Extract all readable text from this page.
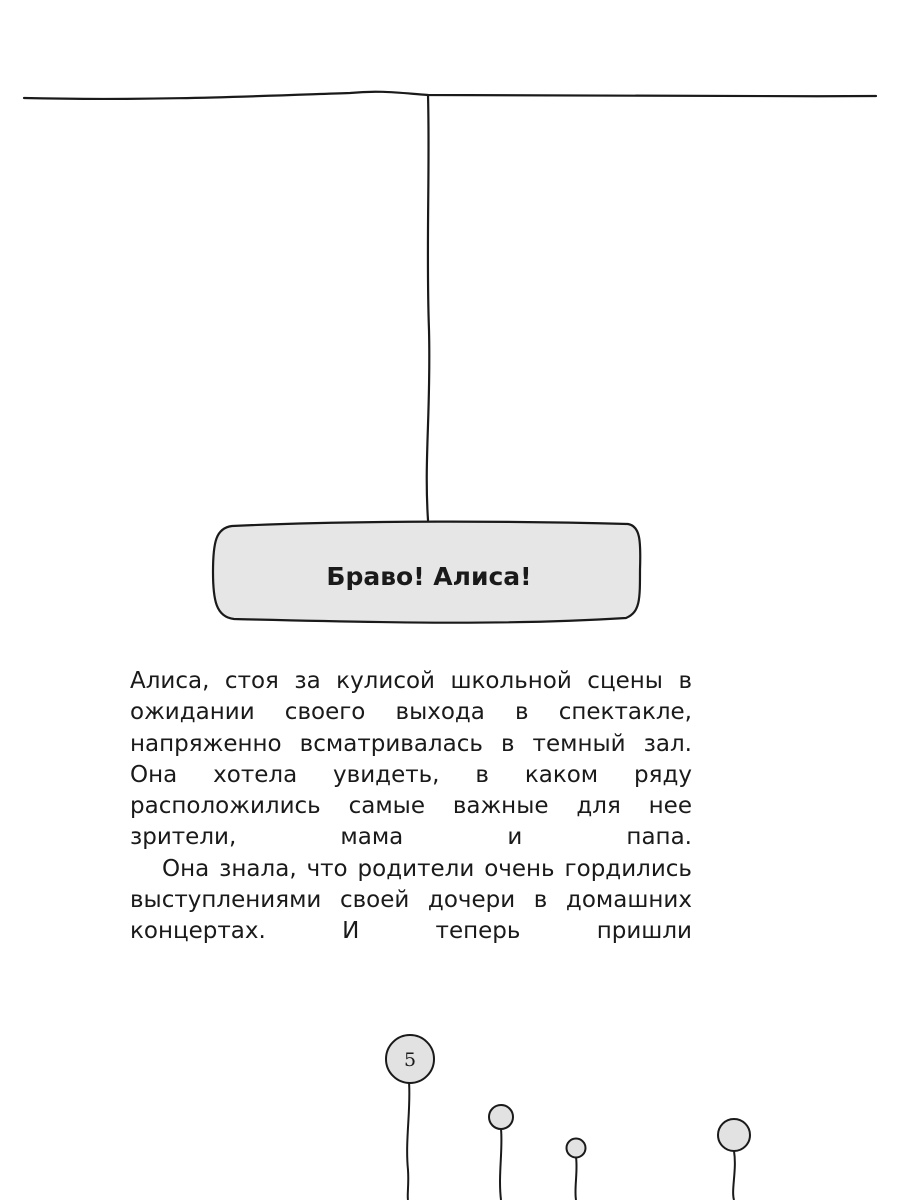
Браво! Алиса!

Алиса, стоя за кулисой школьной сцены в ожидании своего выхода в спектакле, напряженно всматривалась в темный зал. Она хотела увидеть, в каком ряду расположились самые важные для нее зрители, мама и папа.

Она знала, что родители очень гордились выступлениями своей дочери в домашних концертах. И теперь пришли

5
